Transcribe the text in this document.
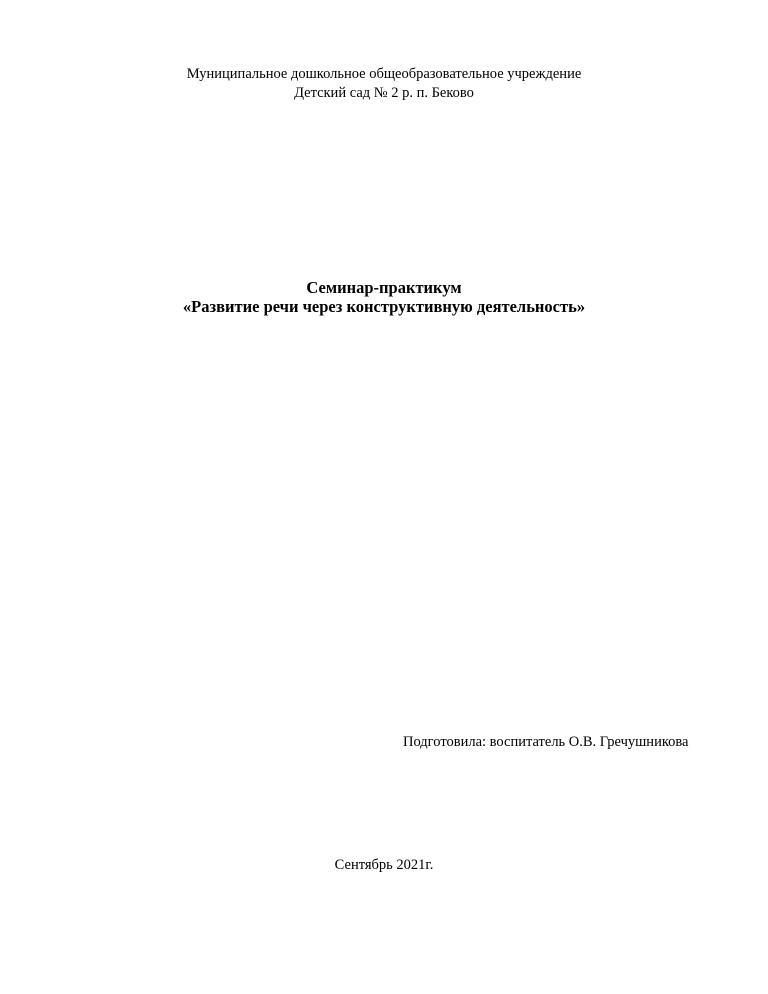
Муниципальное дошкольное общеобразовательное учреждение
Детский сад № 2 р. п. Беково
Семинар-практикум
«Развитие речи через конструктивную деятельность»
Подготовила: воспитатель О.В. Гречушникова
Сентябрь 2021г.
